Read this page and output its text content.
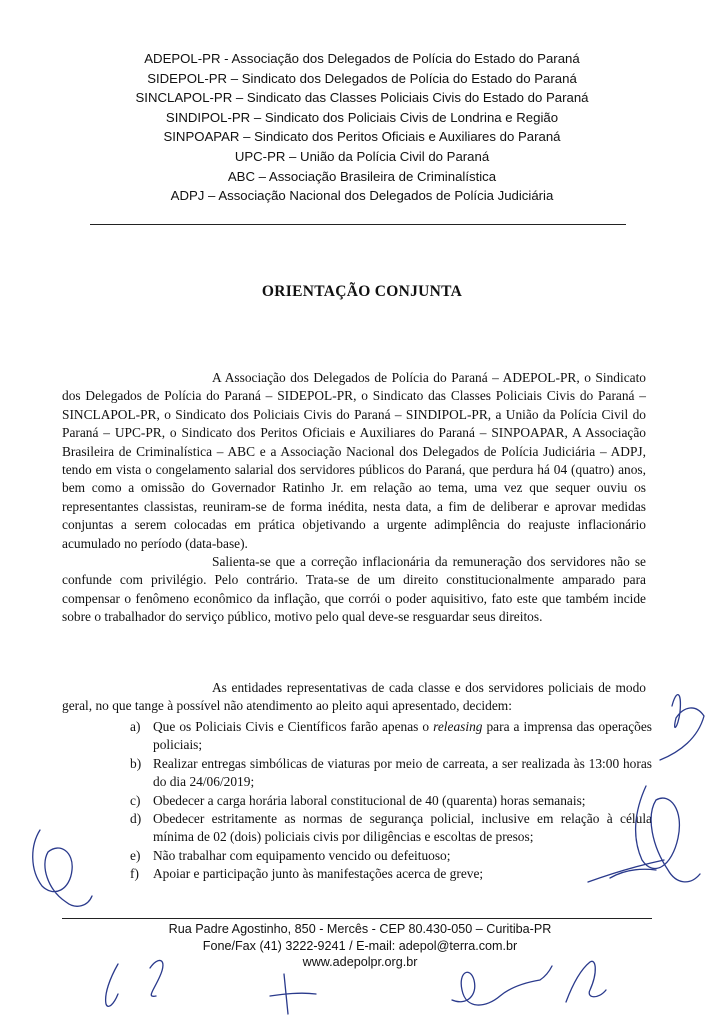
ADEPOL-PR - Associação dos Delegados de Polícia do Estado do Paraná
SIDEPOL-PR – Sindicato dos Delegados de Polícia do Estado do Paraná
SINCLAPOL-PR – Sindicato das Classes Policiais Civis do Estado do Paraná
SINDIPOL-PR – Sindicato dos Policiais Civis de Londrina e Região
SINPOAPAR – Sindicato dos Peritos Oficiais e Auxiliares do Paraná
UPC-PR – União da Polícia Civil do Paraná
ABC – Associação Brasileira de Criminalística
ADPJ – Associação Nacional dos Delegados de Polícia Judiciária
ORIENTAÇÃO CONJUNTA

A Associação dos Delegados de Polícia do Paraná – ADEPOL-PR, o Sindicato dos Delegados de Polícia do Paraná – SIDEPOL-PR, o Sindicato das Classes Policiais Civis do Paraná – SINCLAPOL-PR, o Sindicato dos Policiais Civis do Paraná – SINDIPOL-PR, a União da Polícia Civil do Paraná – UPC-PR, o Sindicato dos Peritos Oficiais e Auxiliares do Paraná – SINPOAPAR, A Associação Brasileira de Criminalística – ABC e a Associação Nacional dos Delegados de Polícia Judiciária – ADPJ, tendo em vista o congelamento salarial dos servidores públicos do Paraná, que perdura há 04 (quatro) anos, bem como a omissão do Governador Ratinho Jr. em relação ao tema, uma vez que sequer ouviu os representantes classistas, reuniram-se de forma inédita, nesta data, a fim de deliberar e aprovar medidas conjuntas a serem colocadas em prática objetivando a urgente adimplência do reajuste inflacionário acumulado no período (data-base).

Salienta-se que a correção inflacionária da remuneração dos servidores não se confunde com privilégio. Pelo contrário. Trata-se de um direito constitucionalmente amparado para compensar o fenômeno econômico da inflação, que corrói o poder aquisitivo, fato este que também incide sobre o trabalhador do serviço público, motivo pelo qual deve-se resguardar seus direitos.

As entidades representativas de cada classe e dos servidores policiais de modo geral, no que tange à possível não atendimento ao pleito aqui apresentado, decidem:

a) Que os Policiais Civis e Científicos farão apenas o releasing para a imprensa das operações policiais;
b) Realizar entregas simbólicas de viaturas por meio de carreata, a ser realizada às 13:00 horas do dia 24/06/2019;
c) Obedecer a carga horária laboral constitucional de 40 (quarenta) horas semanais;
d) Obedecer estritamente as normas de segurança policial, inclusive em relação à célula mínima de 02 (dois) policiais civis por diligências e escoltas de presos;
e) Não trabalhar com equipamento vencido ou defeituoso;
f) Apoiar e participação junto às manifestações acerca de greve;
Rua Padre Agostinho, 850 - Mercês - CEP 80.430-050 – Curitiba-PR
Fone/Fax (41) 3222-9241 / E-mail: adepol@terra.com.br
www.adepolpr.org.br
